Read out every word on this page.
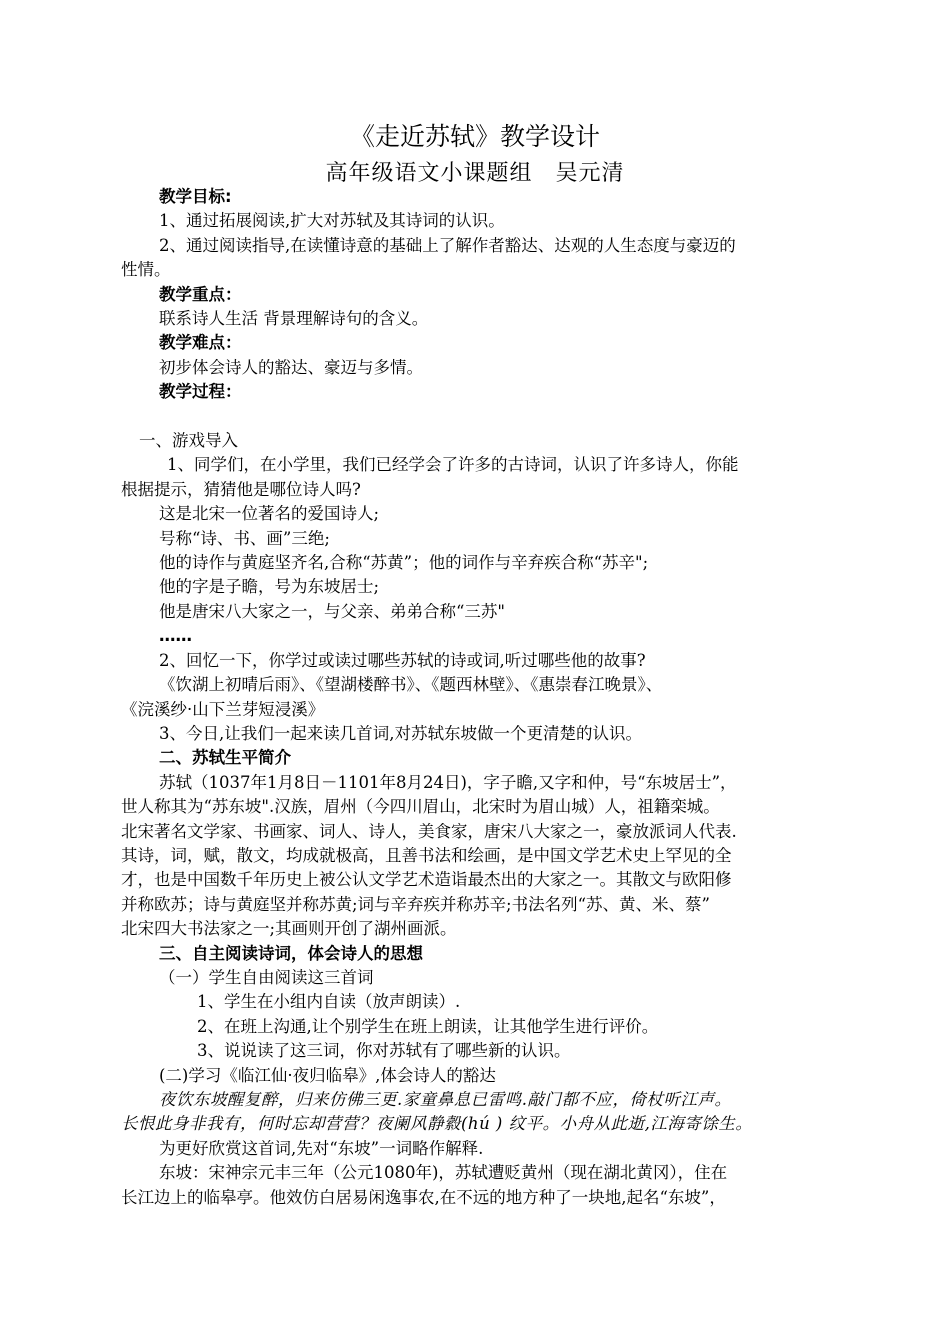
《走近苏轼》教学设计
高年级语文小课题组　吴元清

教学目标:

1、通过拓展阅读,扩大对苏轼及其诗词的认识。

2、通过阅读指导,在读懂诗意的基础上了解作者豁达、达观的人生态度与豪迈的

性情。

教学重点：

联系诗人生活 背景理解诗句的含义。

教学难点：

初步体会诗人的豁达、豪迈与多情。

教学过程：

一、游戏导入

1、同学们，在小学里，我们已经学会了许多的古诗词，认识了许多诗人，你能

根据提示，猜猜他是哪位诗人吗?

这是北宋一位著名的爱国诗人;

号称“诗、书、画”三绝;

他的诗作与黄庭坚齐名,合称“苏黄”；他的词作与辛弃疾合称“苏辛";

他的字是子瞻，号为东坡居士;

他是唐宋八大家之一，与父亲、弟弟合称“三苏"

……

2、回忆一下，你学过或读过哪些苏轼的诗或词,听过哪些他的故事?

《饮湖上初晴后雨》、《望湖楼醉书》、《题西林壁》、《惠崇春江晚景》、

《浣溪纱·山下兰芽短浸溪》

3、今日,让我们一起来读几首词,对苏轼东坡做一个更清楚的认识。

二、苏轼生平简介

苏轼（1037年1月8日－1101年8月24日)，字子瞻,又字和仲，号“东坡居士”，

世人称其为“苏东坡".汉族，眉州（今四川眉山，北宋时为眉山城）人，祖籍栾城。

北宋著名文学家、书画家、词人、诗人，美食家，唐宋八大家之一，豪放派词人代表.

其诗，词，赋，散文，均成就极高，且善书法和绘画，是中国文学艺术史上罕见的全

才，也是中国数千年历史上被公认文学艺术造诣最杰出的大家之一。其散文与欧阳修

并称欧苏；诗与黄庭坚并称苏黄;词与辛弃疾并称苏辛;书法名列“苏、黄、米、蔡”

北宋四大书法家之一;其画则开创了湖州画派。

三、自主阅读诗词，体会诗人的思想

（一）学生自由阅读这三首词

1、学生在小组内自读（放声朗读）.

2、在班上沟通,让个别学生在班上朗读，让其他学生进行评价。

3、说说读了这三词，你对苏轼有了哪些新的认识。

(二)学习《临江仙·夜归临皋》,体会诗人的豁达

夜饮东坡醒复醉，归来仿佛三更.家童鼻息已雷鸣.敲门都不应，倚杖听江声。

长恨此身非我有，何时忘却营营？夜阑风静縠(hú ) 纹平。小舟从此逝,江海寄馀生。

为更好欣赏这首词,先对“东坡”一词略作解释.

东坡：宋神宗元丰三年（公元1080年)，苏轼遭贬黄州（现在湖北黄冈），住在

长江边上的临皋亭。他效仿白居易闲逸事农,在不远的地方种了一块地,起名“东坡”，
